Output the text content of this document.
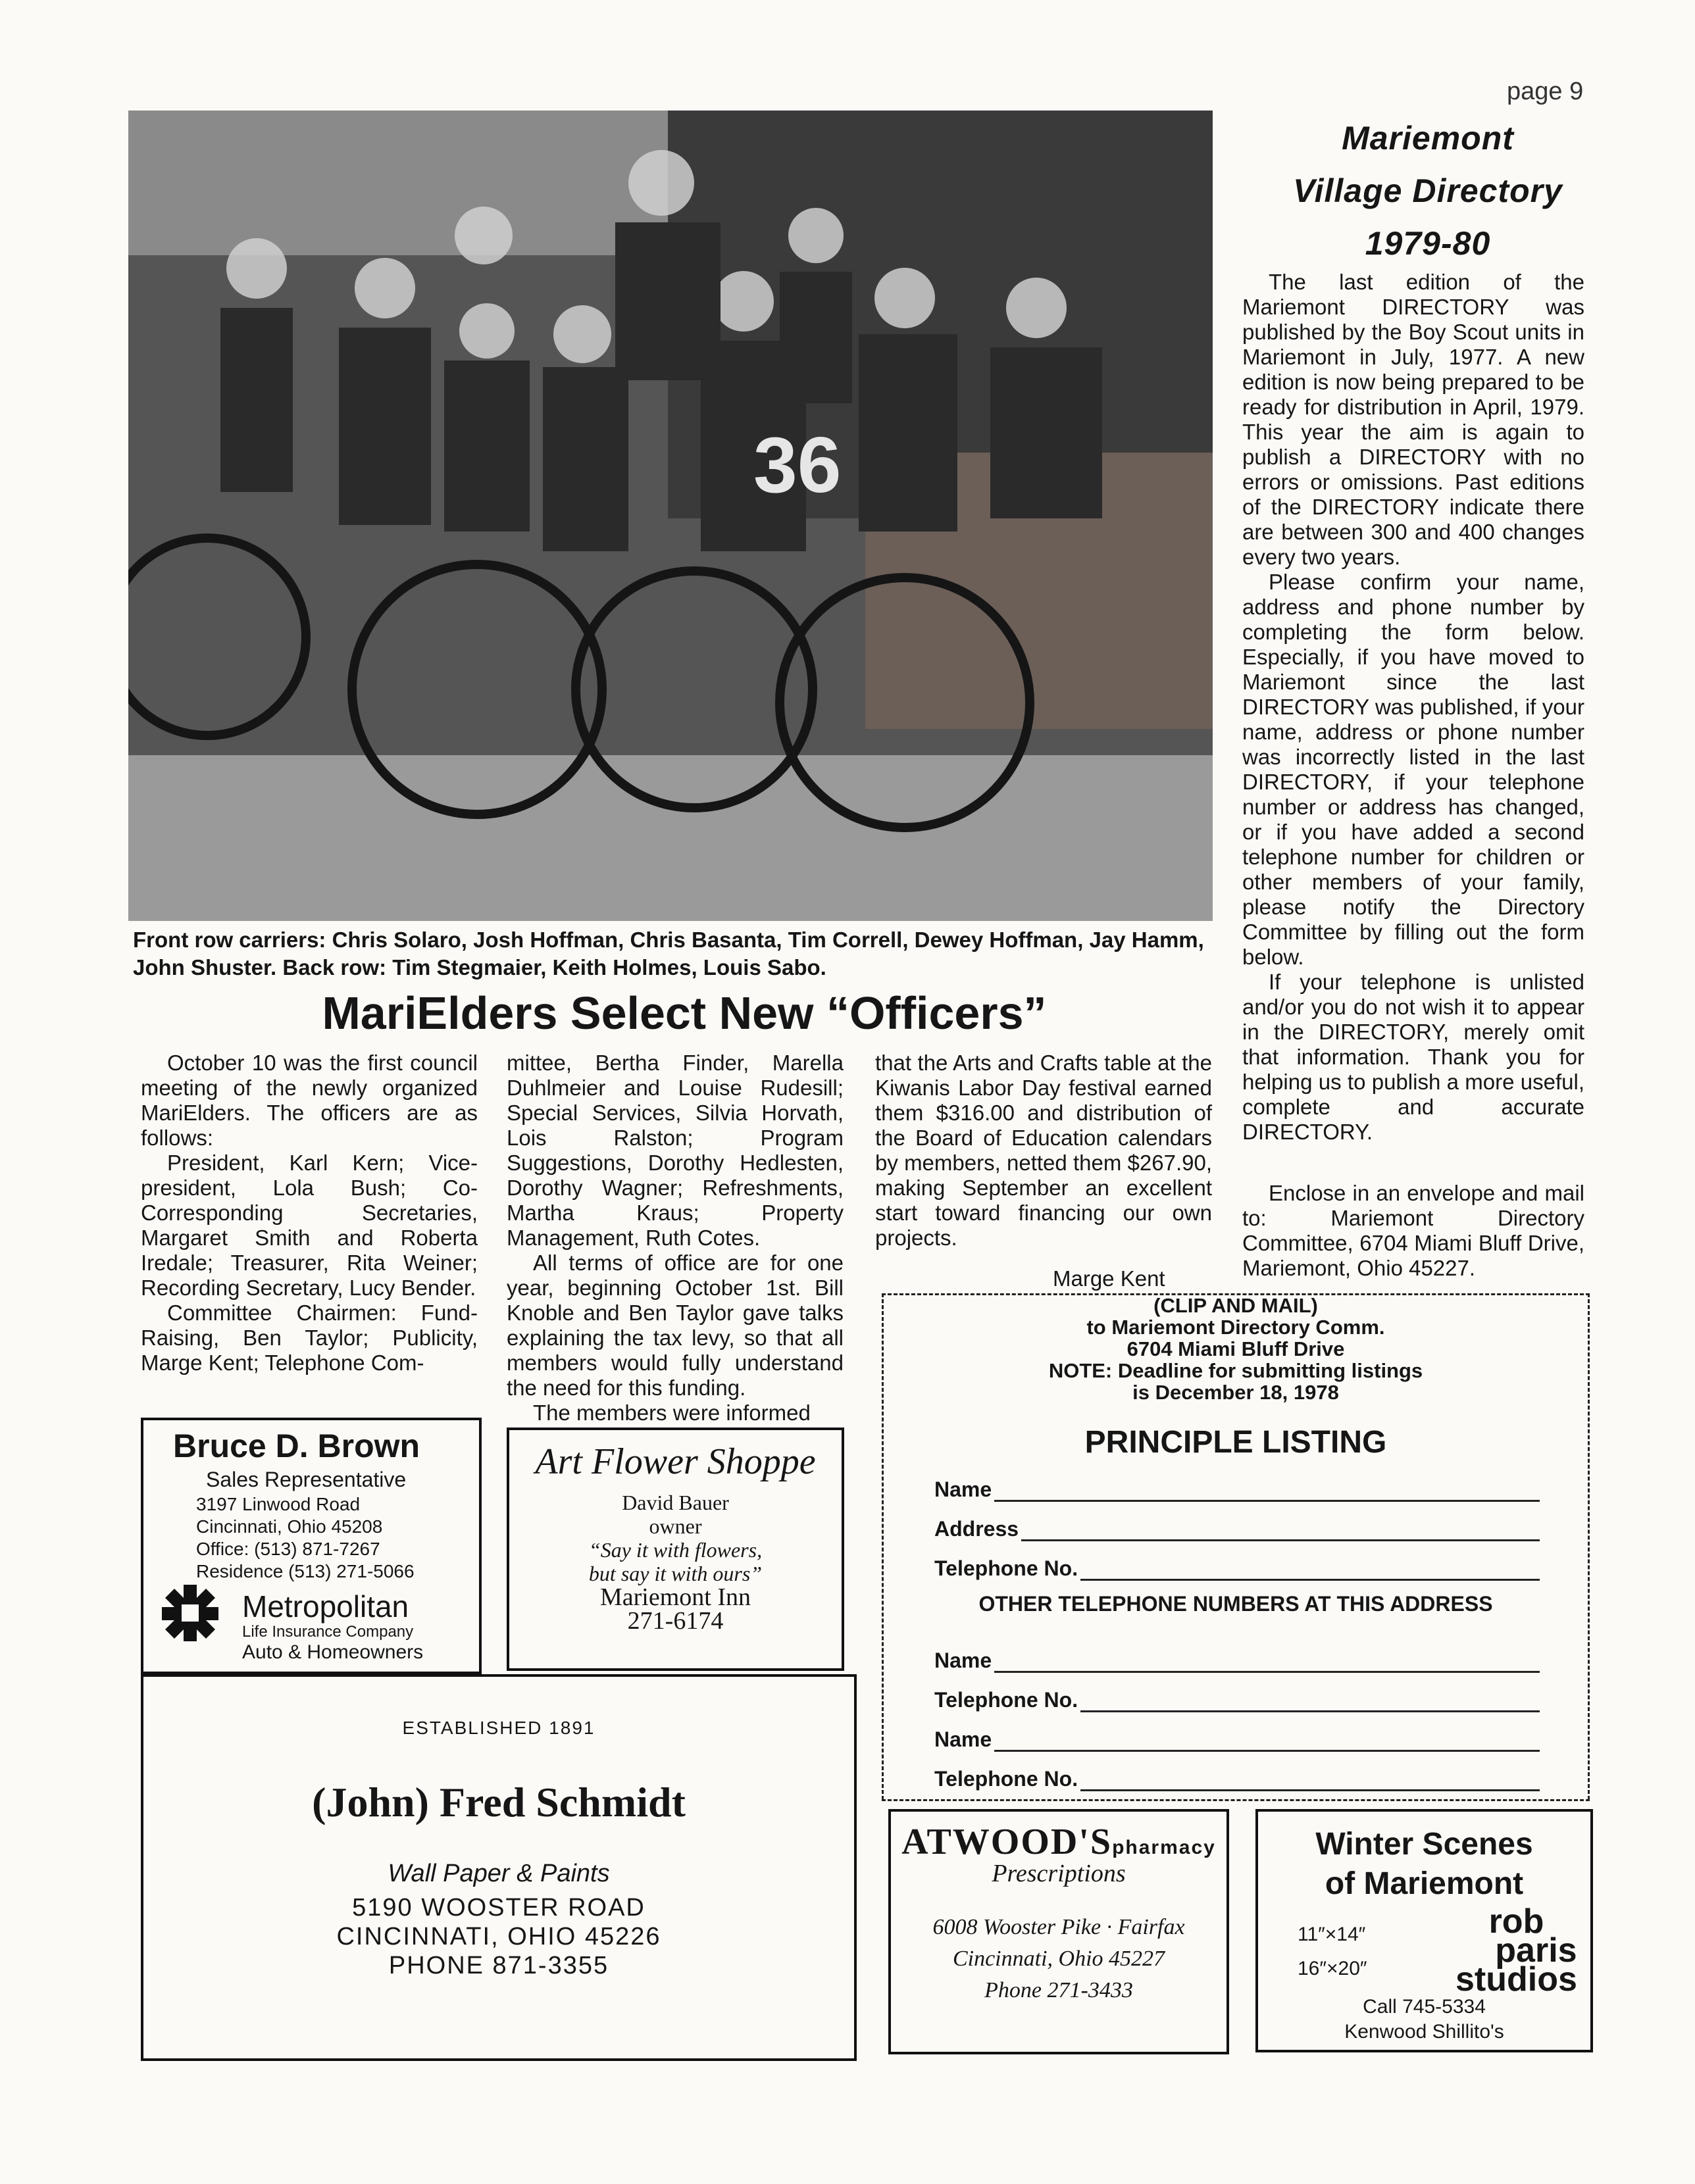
page 9
36
Front row carriers: Chris Solaro, Josh Hoffman, Chris Basanta, Tim Correll, Dewey Hoffman, Jay Hamm, John Shuster. Back row: Tim Stegmaier, Keith Holmes, Louis Sabo.
Mariemont
Village Directory
1979-80

The last edition of the Mariemont DIRECTORY was published by the Boy Scout units in Mariemont in July, 1977. A new edition is now being prepared to be ready for distribution in April, 1979. This year the aim is again to publish a DIRECTORY with no errors or omissions. Past editions of the DIRECTORY indicate there are between 300 and 400 changes every two years.

Please confirm your name, address and phone number by completing the form below. Especially, if you have moved to Mariemont since the last DIRECTORY was published, if your name, address or phone number was incorrectly listed in the last DIRECTORY, if your telephone number or address has changed, or if you have added a second telephone number for children or other members of your family, please notify the Directory Committee by filling out the form below.

If your telephone is unlisted and/or you do not wish it to appear in the DIRECTORY, merely omit that information. Thank you for helping us to publish a more useful, complete and accurate DIRECTORY.

Enclose in an envelope and mail to: Mariemont Directory Committee, 6704 Miami Bluff Drive, Mariemont, Ohio 45227.
MariElders Select New “Officers”

October 10 was the first council meeting of the newly organized MariElders. The officers are as follows:

President, Karl Kern; Vice-president, Lola Bush; Co-Corresponding Secretaries, Margaret Smith and Roberta Iredale; Treasurer, Rita Weiner; Recording Secretary, Lucy Bender.

Committee Chairmen: Fund-Raising, Ben Taylor; Publicity, Marge Kent; Telephone Com-

mittee, Bertha Finder, Marella Duhlmeier and Louise Rudesill; Special Services, Silvia Horvath, Lois Ralston; Program Suggestions, Dorothy Hedlesten, Dorothy Wagner; Refreshments, Martha Kraus; Property Management, Ruth Cotes.

All terms of office are for one year, beginning October 1st. Bill Knoble and Ben Taylor gave talks explaining the tax levy, so that all members would fully understand the need for this funding.

The members were informed

that the Arts and Crafts table at the Kiwanis Labor Day festival earned them $316.00 and distribution of the Board of Education calendars by members, netted them $267.90, making September an excellent start toward financing our own projects.

Marge Kent
Bruce D. Brown
Sales Representative
3197 Linwood Road
Cincinnati, Ohio 45208
Office: (513) 871-7267
Residence (513) 271-5066
Metropolitan
Life Insurance Company
Auto & Homeowners
Art Flower Shoppe
David Bauer
owner
“Say it with flowers,
but say it with ours”
Mariemont Inn
271-6174
ESTABLISHED 1891
(John) Fred Schmidt
Wall Paper & Paints
5190 WOOSTER ROAD
CINCINNATI, OHIO 45226
PHONE 871-3355
(CLIP AND MAIL)
to Mariemont Directory Comm.
6704 Miami Bluff Drive
NOTE: Deadline for submitting listings
is December 18, 1978
PRINCIPLE LISTING
Name
Address
Telephone No.
OTHER TELEPHONE NUMBERS AT THIS ADDRESS
Name
Telephone No.
Name
Telephone No.
ATWOOD'Spharmacy
Prescriptions
6008 Wooster Pike · Fairfax
Cincinnati, Ohio 45227
Phone 271-3433
Winter Scenes
of Mariemont
11″×14″
16″×20″
rob
paris
studios
Call 745-5334
Kenwood Shillito's
